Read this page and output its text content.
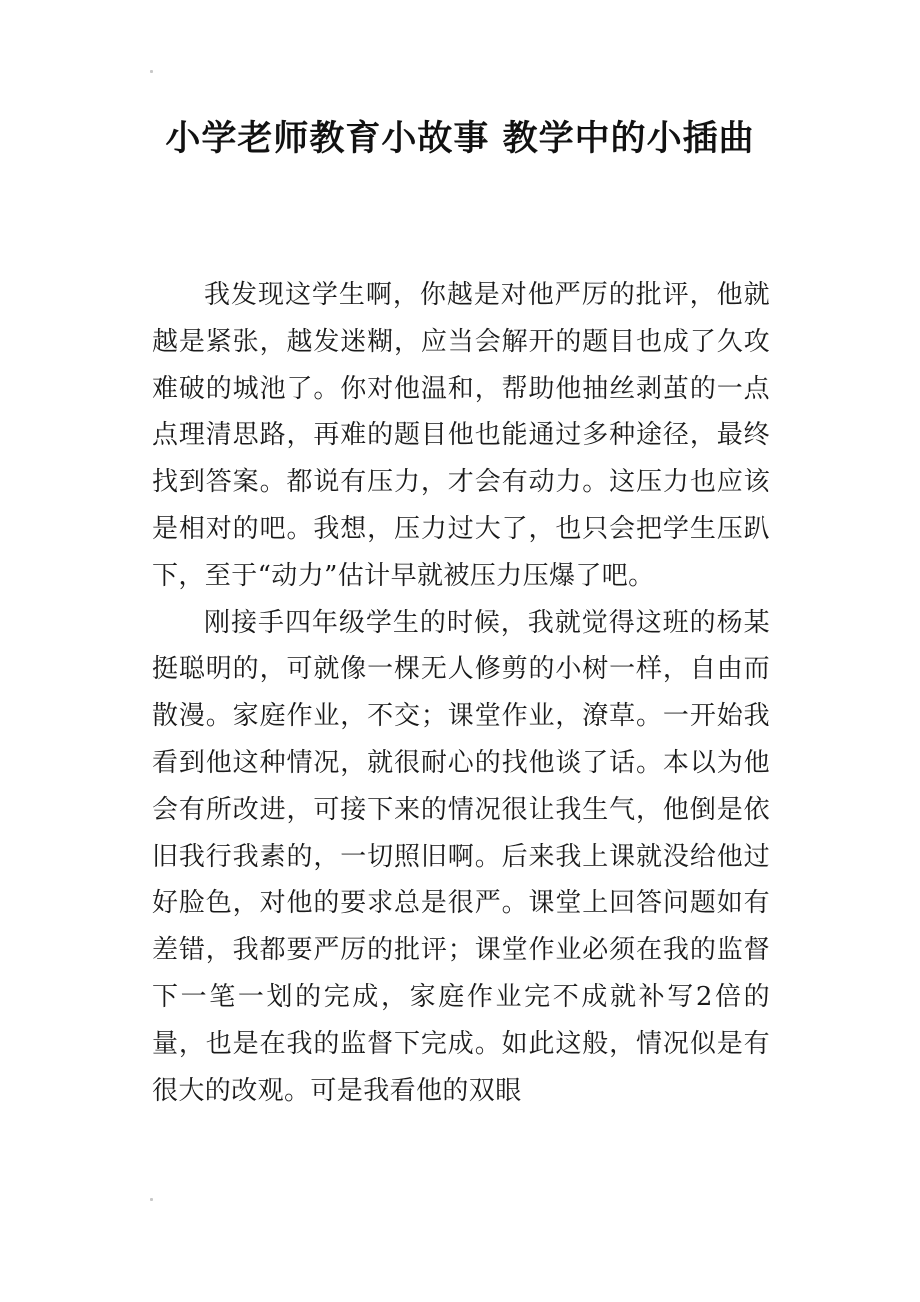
小学老师教育小故事 教学中的小插曲

我发现这学生啊，你越是对他严厉的批评，他就越是紧张，越发迷糊，应当会解开的题目也成了久攻难破的城池了。你对他温和，帮助他抽丝剥茧的一点点理清思路，再难的题目他也能通过多种途径，最终找到答案。都说有压力，才会有动力。这压力也应该是相对的吧。我想，压力过大了，也只会把学生压趴下，至于“动力”估计早就被压力压爆了吧。

刚接手四年级学生的时候，我就觉得这班的杨某挺聪明的，可就像一棵无人修剪的小树一样，自由而散漫。家庭作业，不交；课堂作业，潦草。一开始我看到他这种情况，就很耐心的找他谈了话。本以为他会有所改进，可接下来的情况很让我生气，他倒是依旧我行我素的，一切照旧啊。后来我上课就没给他过好脸色，对他的要求总是很严。课堂上回答问题如有差错，我都要严厉的批评；课堂作业必须在我的监督下一笔一划的完成，家庭作业完不成就补写2倍的量，也是在我的监督下完成。如此这般，情况似是有很大的改观。可是我看他的双眼
